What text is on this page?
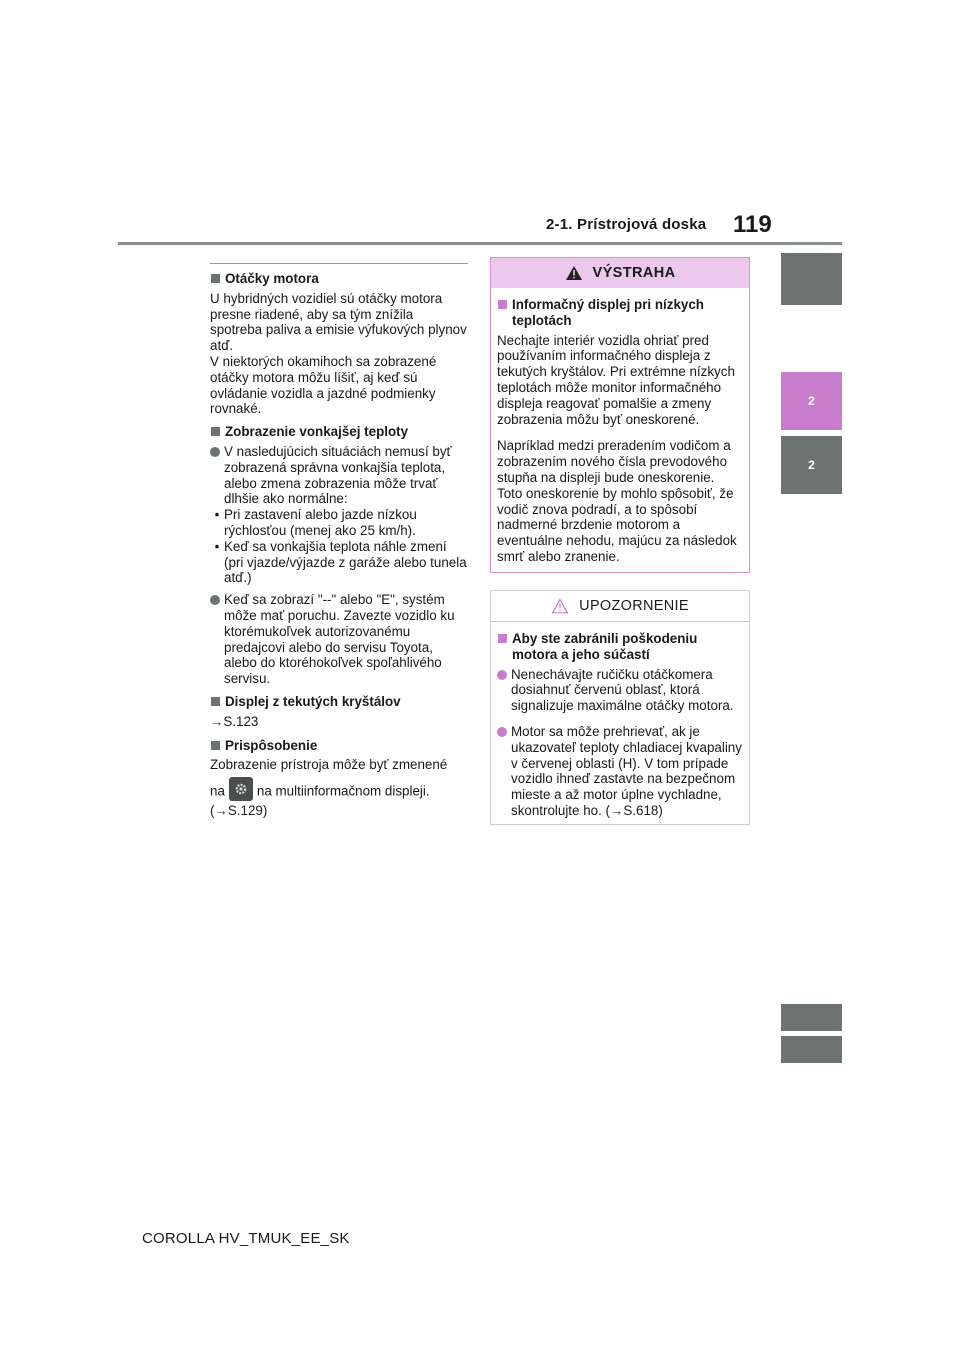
2-1. Prístrojová doska 119
2
2
Otáčky motora
U hybridných vozidiel sú otáčky motora presne riadené, aby sa tým znížila spotreba paliva a emisie výfukových plynov atď.
V niektorých okamihoch sa zobrazené otáčky motora môžu líšiť, aj keď sú ovládanie vozidla a jazdné podmienky rovnaké.
Zobrazenie vonkajšej teploty
V nasledujúcich situáciách nemusí byť zobrazená správna vonkajšia teplota, alebo zmena zobrazenia môže trvať dlhšie ako normálne:
• Pri zastavení alebo jazde nízkou rýchlosťou (menej ako 25 km/h).
• Keď sa vonkajšia teplota náhle zmení (pri vjazde/výjazde z garáže alebo tunela atď.)
Keď sa zobrazí "--" alebo "E", systém môže mať poruchu. Zavezte vozidlo ku ktorémukoľvek autorizovanému predajcovi alebo do servisu Toyota, alebo do ktoréhokoľvek spoľahlivého servisu.
Displej z tekutých kryštálov
→S.123
Prispôsobenie
Zobrazenie prístroja môže byť zmenené
na na multiinformačnom displeji.
(→S.129)
VÝSTRAHA
Informačný displej pri nízkych teplotách
Nechajte interiér vozidla ohriať pred používaním informačného displeja z tekutých kryštálov. Pri extrémne nízkych teplotách môže monitor informačného displeja reagovať pomalšie a zmeny zobrazenia môžu byť oneskorené.
Napríklad medzi preradením vodičom a zobrazením nového čísla prevodového stupňa na displeji bude oneskorenie. Toto oneskorenie by mohlo spôsobiť, že vodič znova podradí, a to spôsobí nadmerné brzdenie motorom a eventuálne nehodu, majúcu za následok smrť alebo zranenie.
UPOZORNENIE
Aby ste zabránili poškodeniu motora a jeho súčastí
Nenechávajte ručičku otáčkomera dosiahnuť červenú oblasť, ktorá signalizuje maximálne otáčky motora.
Motor sa môže prehrievať, ak je ukazovateľ teploty chladiacej kvapaliny v červenej oblasti (H). V tom prípade vozidlo ihneď zastavte na bezpečnom mieste a až motor úplne vychladne, skontrolujte ho. (→S.618)
COROLLA HV_TMUK_EE_SK
